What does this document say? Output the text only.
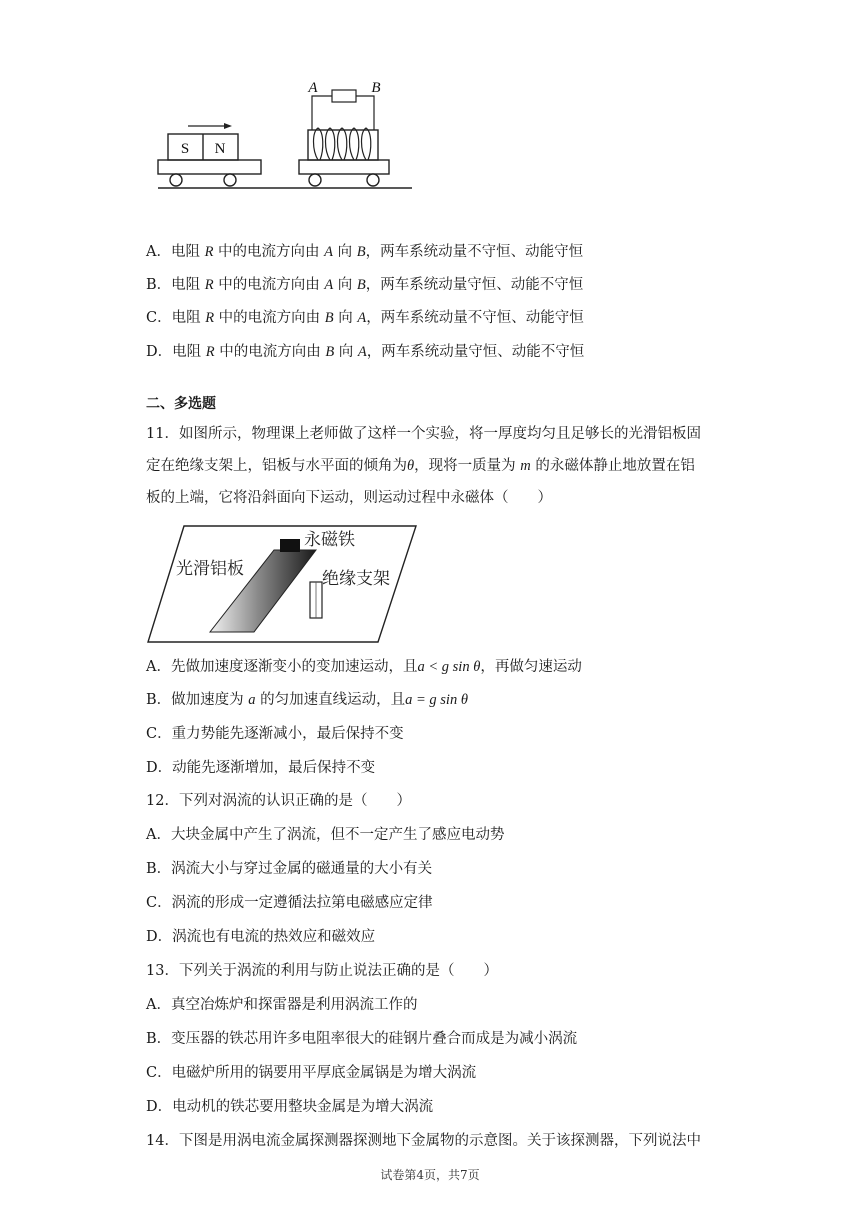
S N
A	B
A．电阻 R 中的电流方向由 A 向 B，两车系统动量不守恒、动能守恒
B．电阻 R 中的电流方向由 A 向 B，两车系统动量守恒、动能不守恒
C．电阻 R 中的电流方向由 B 向 A，两车系统动量不守恒、动能守恒
D．电阻 R 中的电流方向由 B 向 A，两车系统动量守恒、动能不守恒
二、多选题
11．如图所示，物理课上老师做了这样一个实验，将一厚度均匀且足够长的光滑铝板固
定在绝缘支架上，铝板与水平面的倾角为θ，现将一质量为 m 的永磁体静止地放置在铝
板的上端，它将沿斜面向下运动，则运动过程中永磁体（　　）
永磁铁
光滑铝板
绝缘支架
A．先做加速度逐渐变小的变加速运动，且a < g sin θ，再做匀速运动
B．做加速度为 a 的匀加速直线运动，且a = g sin θ
C．重力势能先逐渐减小，最后保持不变
D．动能先逐渐增加，最后保持不变
12．下列对涡流的认识正确的是（　　）
A．大块金属中产生了涡流，但不一定产生了感应电动势
B．涡流大小与穿过金属的磁通量的大小有关
C．涡流的形成一定遵循法拉第电磁感应定律
D．涡流也有电流的热效应和磁效应
13．下列关于涡流的利用与防止说法正确的是（　　）
A．真空冶炼炉和探雷器是利用涡流工作的
B．变压器的铁芯用许多电阻率很大的硅钢片叠合而成是为减小涡流
C．电磁炉所用的锅要用平厚底金属锅是为增大涡流
D．电动机的铁芯要用整块金属是为增大涡流
14．下图是用涡电流金属探测器探测地下金属物的示意图。关于该探测器，下列说法中
试卷第4页，共7页
